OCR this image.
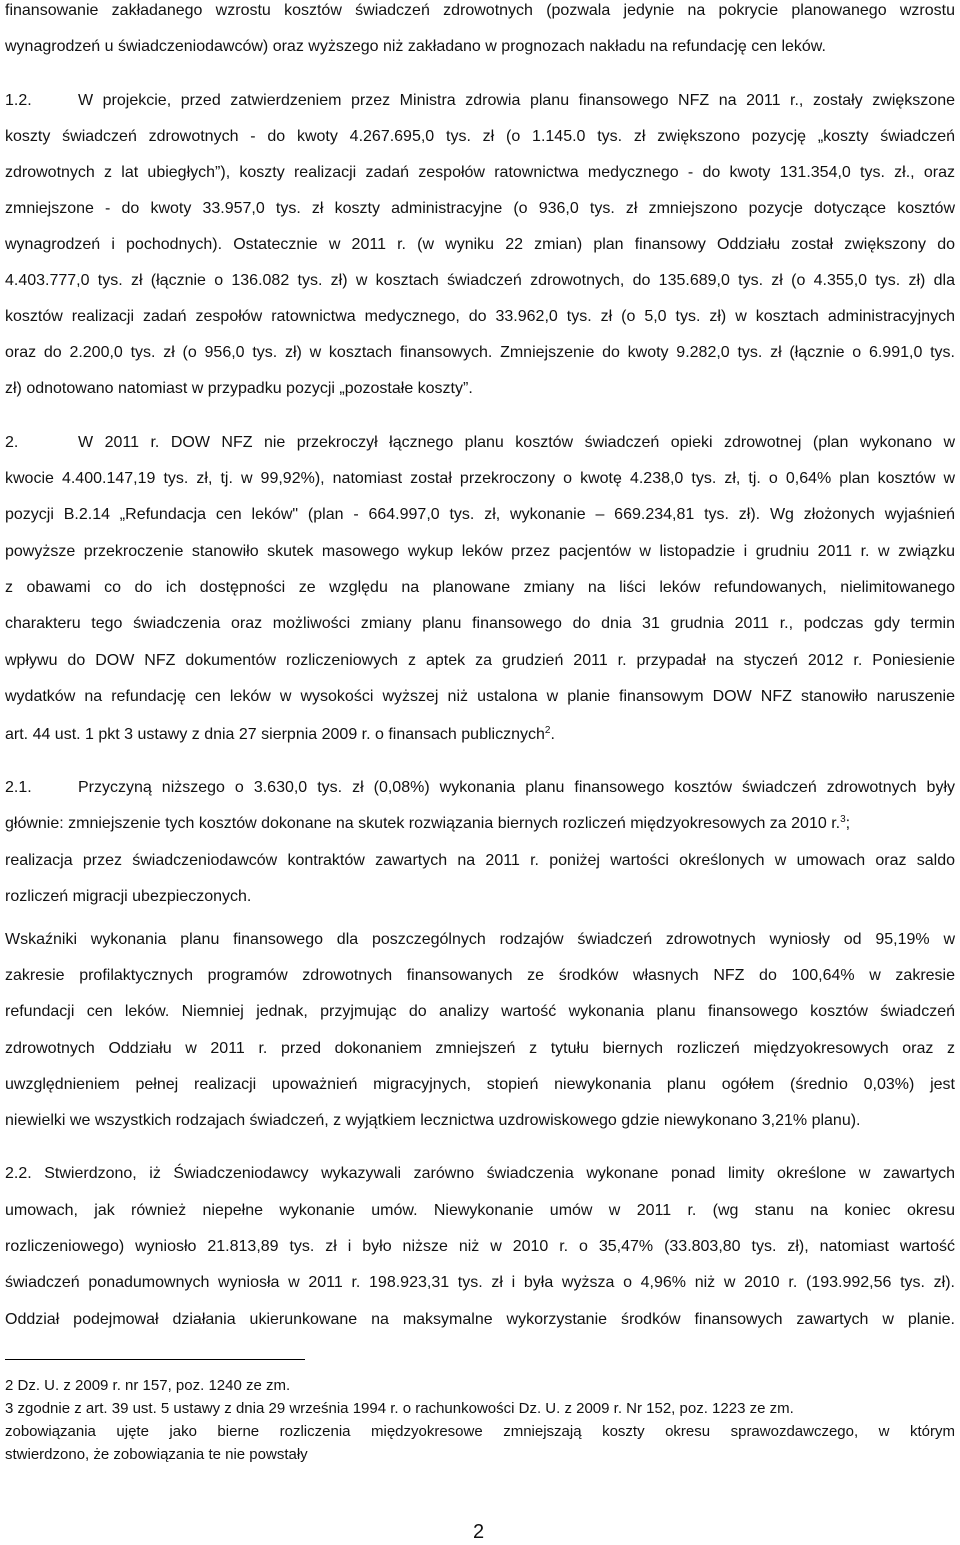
finansowanie zakładanego wzrostu kosztów świadczeń zdrowotnych (pozwala jedynie na pokrycie planowanego wzrostu
wynagrodzeń u świadczeniodawców) oraz wyższego niż zakładano w prognozach nakładu na refundację cen leków.
1.2.	W projekcie, przed zatwierdzeniem przez Ministra zdrowia planu finansowego NFZ na 2011 r., zostały zwiększone
koszty świadczeń zdrowotnych - do kwoty 4.267.695,0 tys. zł (o 1.145.0 tys. zł zwiększono pozycję „koszty świadczeń
zdrowotnych z lat ubiegłych”), koszty realizacji zadań zespołów ratownictwa medycznego - do kwoty 131.354,0 tys. zł., oraz
zmniejszone - do kwoty 33.957,0 tys. zł koszty administracyjne (o 936,0 tys. zł zmniejszono pozycje dotyczące kosztów
wynagrodzeń i pochodnych). Ostatecznie w 2011 r. (w wyniku 22 zmian) plan finansowy Oddziału został zwiększony do
4.403.777,0 tys. zł (łącznie o 136.082 tys. zł) w kosztach świadczeń zdrowotnych, do 135.689,0 tys. zł (o 4.355,0 tys. zł) dla
kosztów realizacji zadań zespołów ratownictwa medycznego, do 33.962,0 tys. zł (o 5,0 tys. zł) w kosztach administracyjnych
oraz do 2.200,0 tys. zł (o 956,0 tys. zł) w kosztach finansowych. Zmniejszenie do kwoty 9.282,0 tys. zł (łącznie o 6.991,0 tys.
zł) odnotowano natomiast w przypadku pozycji „pozostałe koszty”.
2.	W 2011 r. DOW NFZ nie przekroczył łącznego planu kosztów świadczeń opieki zdrowotnej (plan wykonano w
kwocie 4.400.147,19 tys. zł, tj. w 99,92%), natomiast został przekroczony o kwotę 4.238,0 tys. zł, tj. o 0,64% plan kosztów w
pozycji B.2.14 „Refundacja cen leków" (plan - 664.997,0 tys. zł, wykonanie – 669.234,81 tys. zł). Wg złożonych wyjaśnień
powyższe przekroczenie stanowiło skutek masowego wykup leków przez pacjentów w listopadzie i grudniu 2011 r. w związku
z obawami co do ich dostępności ze względu na planowane zmiany na liści leków refundowanych, nielimitowanego
charakteru tego świadczenia oraz możliwości zmiany planu finansowego do dnia 31 grudnia 2011 r., podczas gdy termin
wpływu do DOW NFZ dokumentów rozliczeniowych z aptek za grudzień 2011 r. przypadał na styczeń 2012 r. Poniesienie
wydatków na refundację cen leków w wysokości wyższej niż ustalona w planie finansowym DOW NFZ stanowiło naruszenie
art. 44 ust. 1 pkt 3 ustawy z dnia 27 sierpnia 2009 r. o finansach publicznych$^2$.
2.1.	Przyczyną niższego o 3.630,0 tys. zł (0,08%) wykonania planu finansowego kosztów świadczeń zdrowotnych były
głównie: zmniejszenie tych kosztów dokonane na skutek rozwiązania biernych rozliczeń międzyokresowych za 2010 r.$^3$;
realizacja przez świadczeniodawców kontraktów zawartych na 2011 r. poniżej wartości określonych w umowach oraz saldo
rozliczeń migracji ubezpieczonych.
Wskaźniki wykonania planu finansowego dla poszczególnych rodzajów świadczeń zdrowotnych wyniosły od 95,19% w
zakresie profilaktycznych programów zdrowotnych finansowanych ze środków własnych NFZ do 100,64% w zakresie
refundacji cen leków. Niemniej jednak, przyjmując do analizy wartość wykonania planu finansowego kosztów świadczeń
zdrowotnych Oddziału w 2011 r. przed dokonaniem zmniejszeń z tytułu biernych rozliczeń międzyokresowych oraz z
uwzględnieniem pełnej realizacji upoważnień migracyjnych, stopień niewykonania planu ogółem (średnio 0,03%) jest
niewielki we wszystkich rodzajach świadczeń, z wyjątkiem lecznictwa uzdrowiskowego gdzie niewykonano 3,21% planu).
2.2. Stwierdzono, iż Świadczeniodawcy wykazywali zarówno świadczenia wykonane ponad limity określone w zawartych
umowach, jak również niepełne wykonanie umów. Niewykonanie umów w 2011 r. (wg stanu na koniec okresu
rozliczeniowego) wyniosło 21.813,89 tys. zł i było niższe niż w 2010 r. o 35,47% (33.803,80 tys. zł), natomiast wartość
świadczeń ponadumownych wyniosła w 2011 r. 198.923,31 tys. zł i była wyższa o 4,96% niż w 2010 r. (193.992,56 tys. zł).
Oddział podejmował działania ukierunkowane na maksymalne wykorzystanie środków finansowych zawartych w planie.
2 Dz. U. z 2009 r. nr 157, poz. 1240 ze zm.
3 zgodnie z art. 39 ust. 5 ustawy z dnia 29 września 1994 r. o rachunkowości Dz. U. z 2009 r. Nr 152, poz. 1223 ze zm.
zobowiązania ujęte jako bierne rozliczenia międzyokresowe zmniejszają koszty okresu sprawozdawczego, w którym
stwierdzono, że zobowiązania te nie powstały
2
